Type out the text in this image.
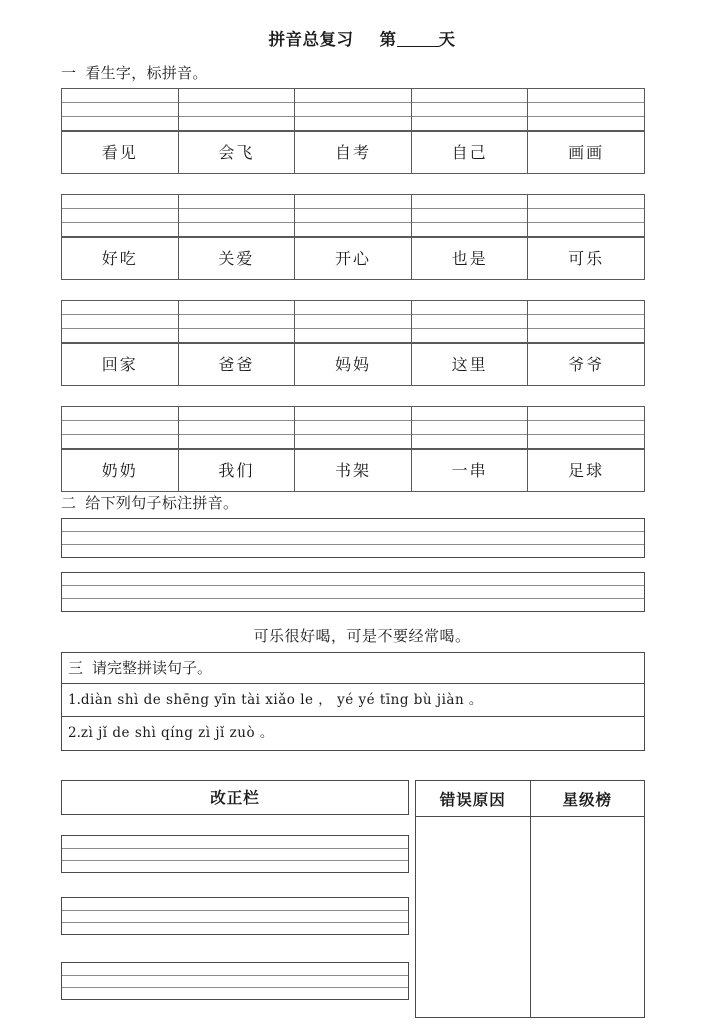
拼音总复习 第	天
一 看生字，标拼音。

看见	会飞	自考	自己	画画

好吃	关爱	开心	也是	可乐

回家	爸爸	妈妈	这里	爷爷

奶奶	我们	书架	一串	足球
二 给下列句子标注拼音。
可乐很好喝，可是不要经常喝。
三 请完整拼读句子。
1.diàn shì de shēng yīn tài xiǎo le ， yé yé tīng bù jiàn 。
2.zì jǐ de shì qíng zì jǐ zuò 。
改正栏	错误原因	星级榜
